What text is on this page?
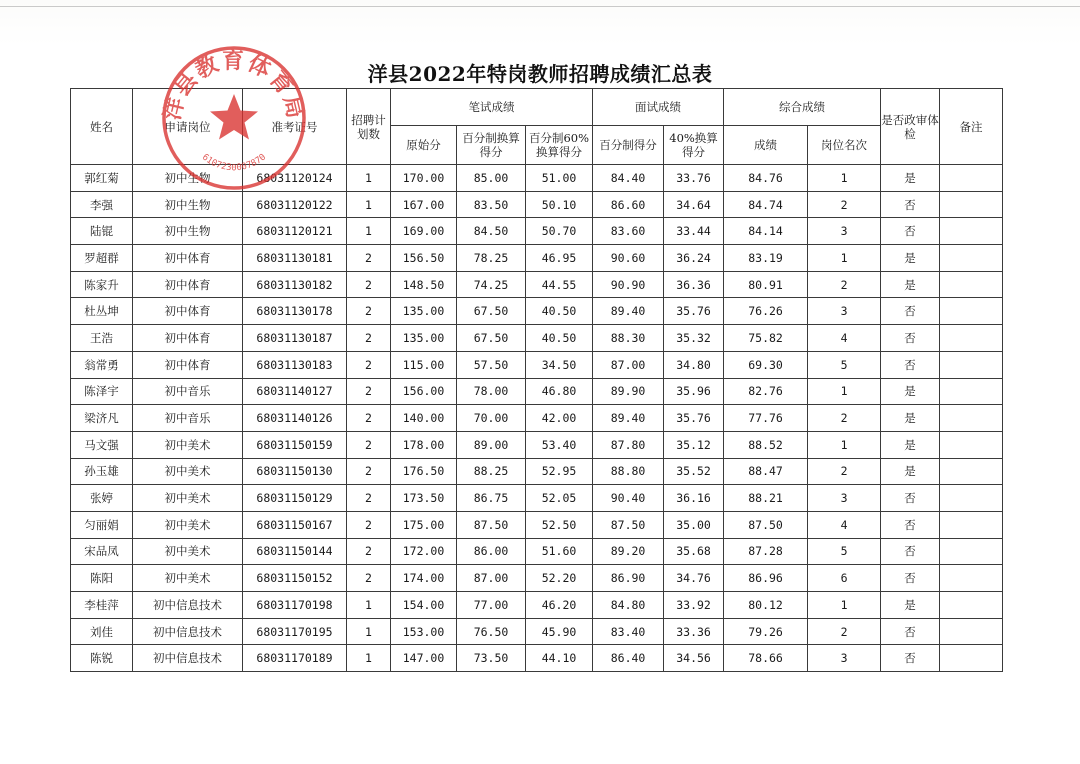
洋县2022年特岗教师招聘成绩汇总表
姓名	申请岗位	准考证号	招聘计划数	笔试成绩			面试成绩		综合成绩		是否政审体检	备注
				原始分	百分制换算得分	百分制60%换算得分	百分制得分	40%换算得分	成绩	岗位名次		
郭红菊	初中生物	68031120124	1	170.00	85.00	51.00	84.40	33.76	84.76	1	是	
李强	初中生物	68031120122	1	167.00	83.50	50.10	86.60	34.64	84.74	2	否	
陆锟	初中生物	68031120121	1	169.00	84.50	50.70	83.60	33.44	84.14	3	否	
罗超群	初中体育	68031130181	2	156.50	78.25	46.95	90.60	36.24	83.19	1	是	
陈家升	初中体育	68031130182	2	148.50	74.25	44.55	90.90	36.36	80.91	2	是	
杜丛坤	初中体育	68031130178	2	135.00	67.50	40.50	89.40	35.76	76.26	3	否	
王浩	初中体育	68031130187	2	135.00	67.50	40.50	88.30	35.32	75.82	4	否	
翁常勇	初中体育	68031130183	2	115.00	57.50	34.50	87.00	34.80	69.30	5	否	
陈泽宇	初中音乐	68031140127	2	156.00	78.00	46.80	89.90	35.96	82.76	1	是	
梁济凡	初中音乐	68031140126	2	140.00	70.00	42.00	89.40	35.76	77.76	2	是	
马文强	初中美术	68031150159	2	178.00	89.00	53.40	87.80	35.12	88.52	1	是	
孙玉雄	初中美术	68031150130	2	176.50	88.25	52.95	88.80	35.52	88.47	2	是	
张婷	初中美术	68031150129	2	173.50	86.75	52.05	90.40	36.16	88.21	3	否	
匀丽娟	初中美术	68031150167	2	175.00	87.50	52.50	87.50	35.00	87.50	4	否	
宋品凤	初中美术	68031150144	2	172.00	86.00	51.60	89.20	35.68	87.28	5	否	
陈阳	初中美术	68031150152	2	174.00	87.00	52.20	86.90	34.76	86.96	6	否	
李桂萍	初中信息技术	68031170198	1	154.00	77.00	46.20	84.80	33.92	80.12	1	是	
刘佳	初中信息技术	68031170195	1	153.00	76.50	45.90	83.40	33.36	79.26	2	否	
陈锐	初中信息技术	68031170189	1	147.00	73.50	44.10	86.40	34.56	78.66	3	否	
洋县教育体育局
6107230007870
